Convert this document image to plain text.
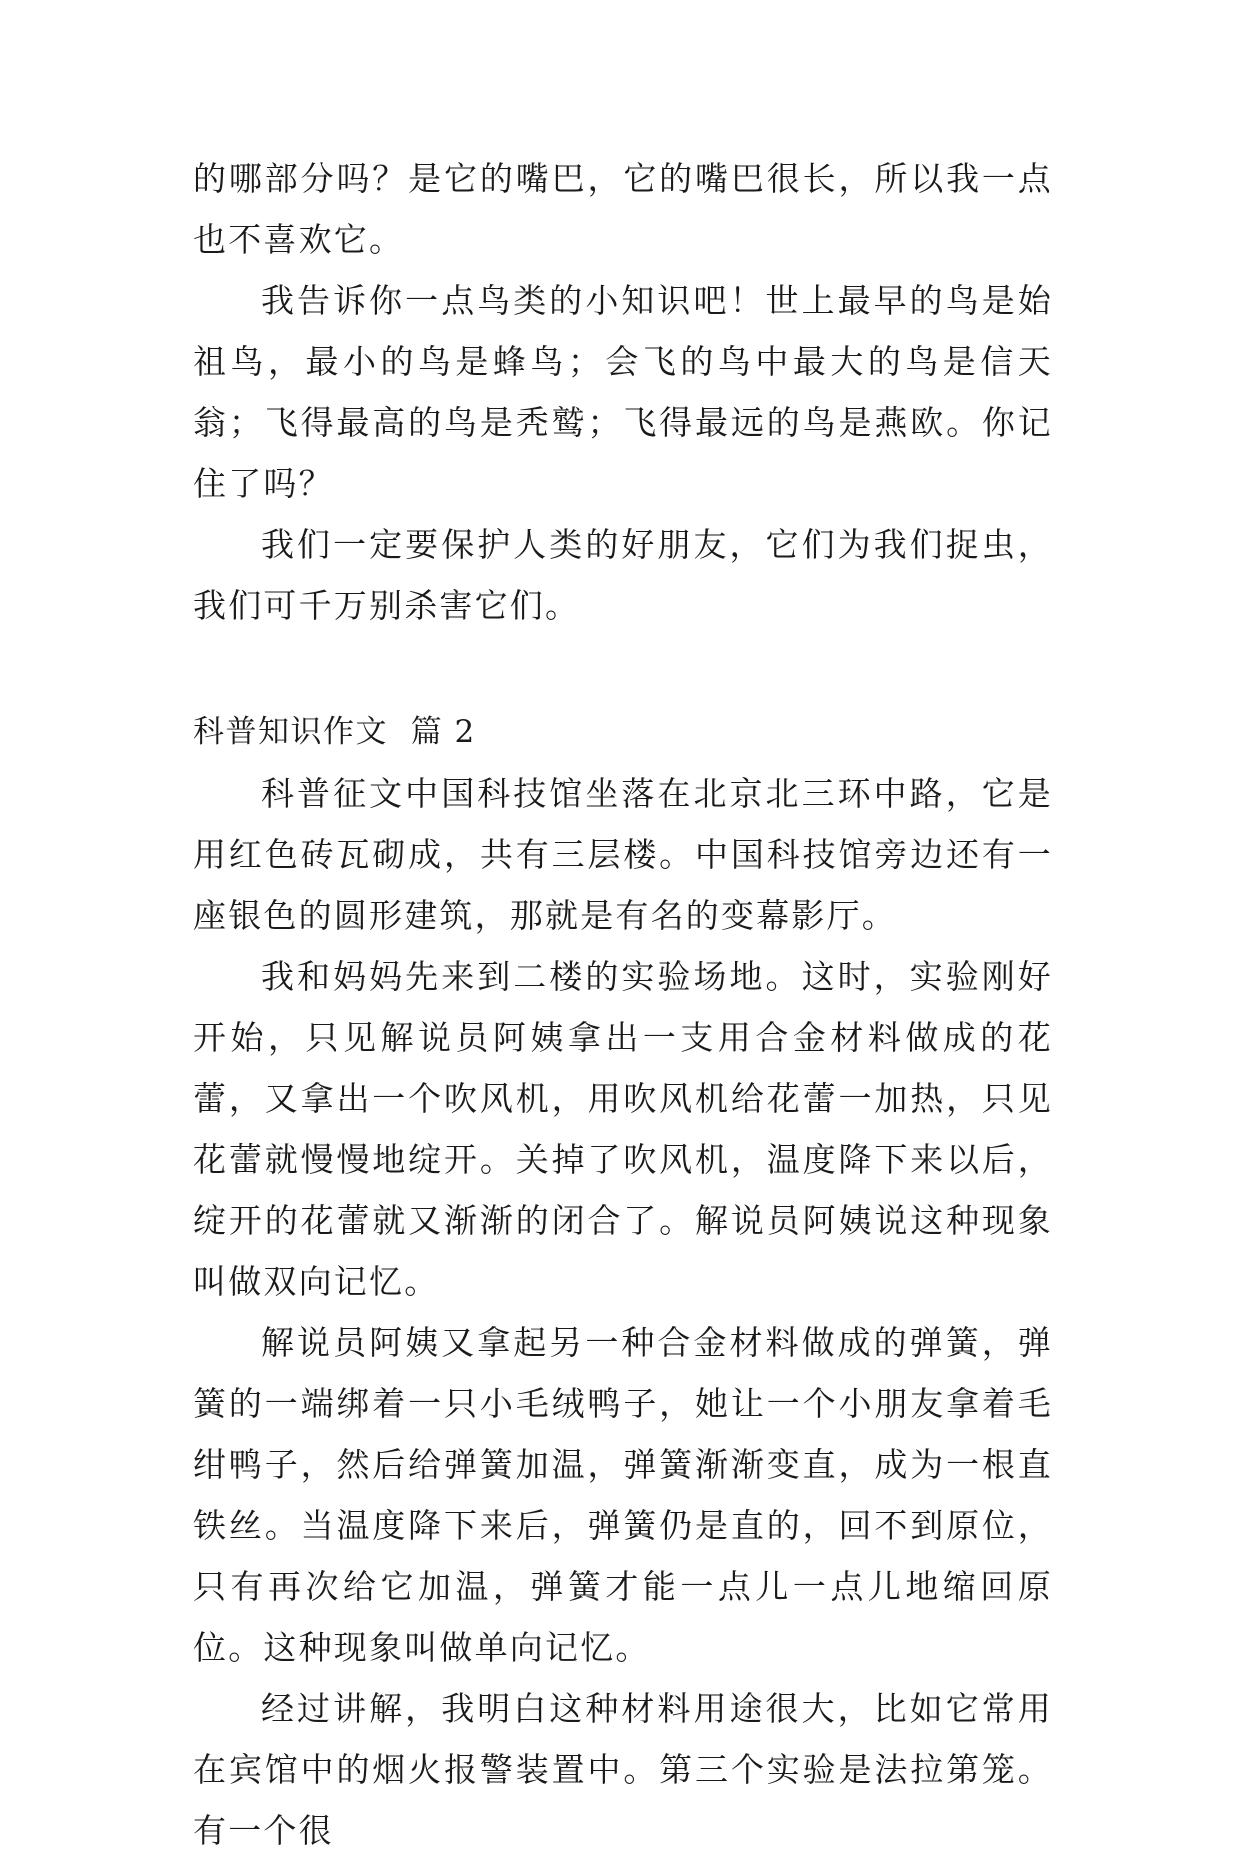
的哪部分吗？是它的嘴巴，它的嘴巴很长，所以我一点也不喜欢它。

我告诉你一点鸟类的小知识吧！世上最早的鸟是始祖鸟，最小的鸟是蜂鸟；会飞的鸟中最大的鸟是信天翁；飞得最高的鸟是秃鹫；飞得最远的鸟是燕欧。你记住了吗？

我们一定要保护人类的好朋友，它们为我们捉虫，我们可千万别杀害它们。

科普知识作文  篇 2

科普征文中国科技馆坐落在北京北三环中路，它是用红色砖瓦砌成，共有三层楼。中国科技馆旁边还有一座银色的圆形建筑，那就是有名的变幕影厅。

我和妈妈先来到二楼的实验场地。这时，实验刚好开始，只见解说员阿姨拿出一支用合金材料做成的花蕾，又拿出一个吹风机，用吹风机给花蕾一加热，只见花蕾就慢慢地绽开。关掉了吹风机，温度降下来以后，绽开的花蕾就又渐渐的闭合了。解说员阿姨说这种现象叫做双向记忆。

解说员阿姨又拿起另一种合金材料做成的弹簧，弹簧的一端绑着一只小毛绒鸭子，她让一个小朋友拿着毛绀鸭子，然后给弹簧加温，弹簧渐渐变直，成为一根直铁丝。当温度降下来后，弹簧仍是直的，回不到原位，只有再次给它加温，弹簧才能一点儿一点儿地缩回原位。这种现象叫做单向记忆。

经过讲解，我明白这种材料用途很大，比如它常用在宾馆中的烟火报警装置中。第三个实验是法拉第笼。有一个很
